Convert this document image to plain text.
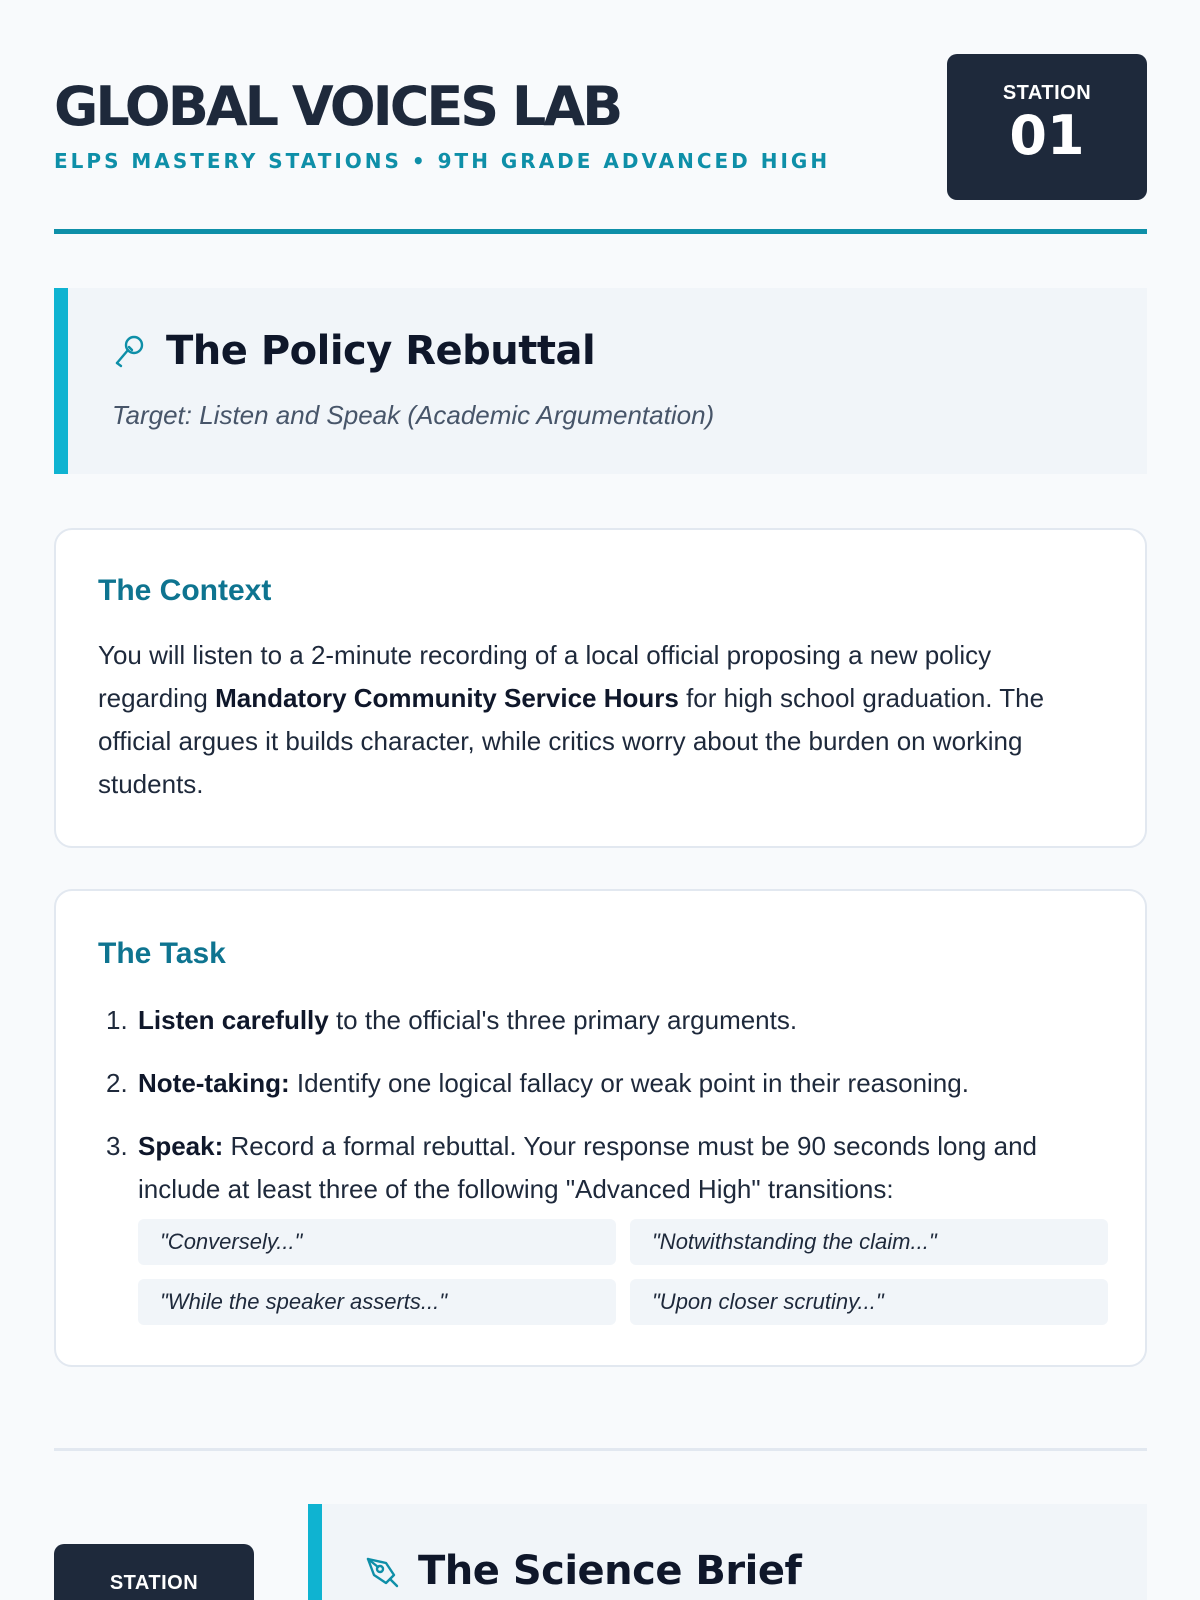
GLOBAL VOICES LAB
ELPS MASTERY STATIONS • 9TH GRADE ADVANCED HIGH
STATION
01
The Policy Rebuttal
Target: Listen and Speak (Academic Argumentation)
The Context

You will listen to a 2-minute recording of a local official proposing a new policy regarding Mandatory Community Service Hours for high school graduation. The official argues it builds character, while critics worry about the burden on working students.

The Task
1. Listen carefully to the official's three primary arguments.
2. Note-taking: Identify one logical fallacy or weak point in their reasoning.
3. Speak: Record a formal rebuttal. Your response must be 90 seconds long and include at least three of the following "Advanced High" transitions:
"Conversely..."	"Notwithstanding the claim..."
"While the speaker asserts..."	"Upon closer scrutiny..."
STATION	The Science Brief
